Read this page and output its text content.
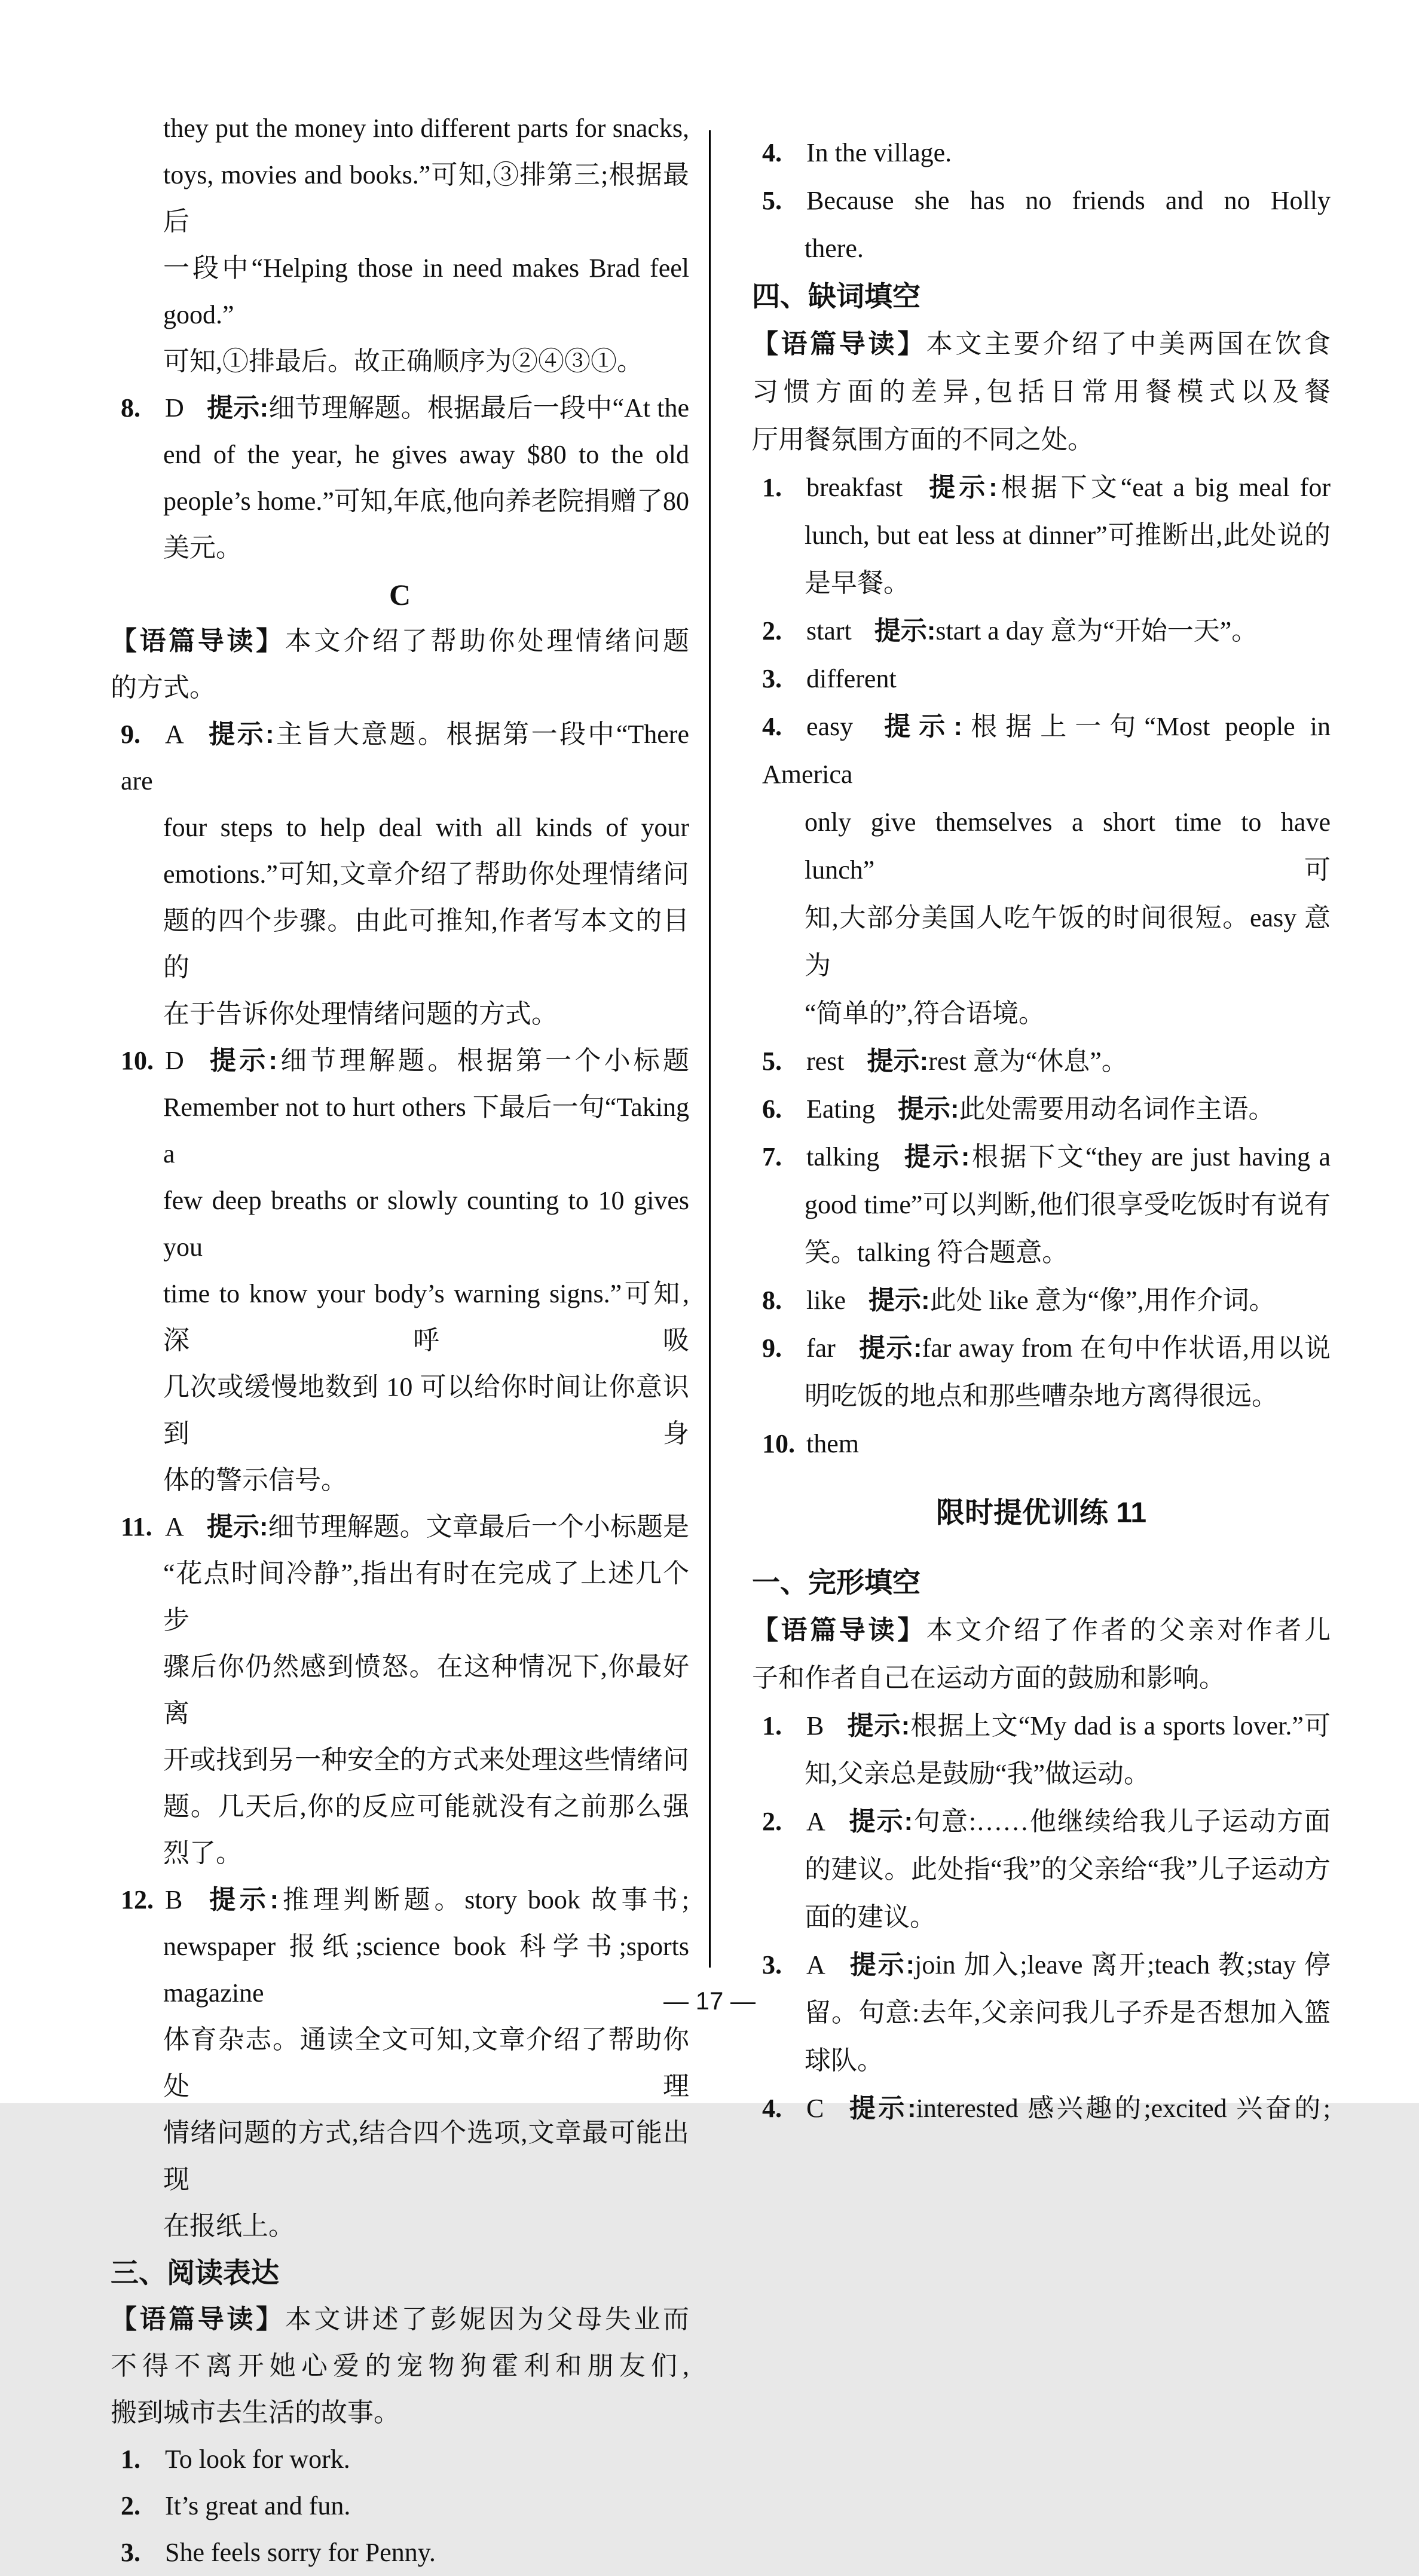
they put the money into different parts for snacks,
toys, movies and books.”可知,③排第三;根据最后
一段中“Helping those in need makes Brad feel good.”
可知,①排最后。故正确顺序为②④③①。
8. D 提示:细节理解题。根据最后一段中“At the
end of the year, he gives away $80 to the old
people’s home.”可知,年底,他向养老院捐赠了80
美元。
C
【语篇导读】本文介绍了帮助你处理情绪问题
的方式。
9. A 提示:主旨大意题。根据第一段中“There are
four steps to help deal with all kinds of your
emotions.”可知,文章介绍了帮助你处理情绪问
题的四个步骤。由此可推知,作者写本文的目的
在于告诉你处理情绪问题的方式。
10. D 提示:细节理解题。根据第一个小标题
Remember not to hurt others 下最后一句“Taking a
few deep breaths or slowly counting to 10 gives you
time to know your body’s warning signs.”可知,深呼吸
几次或缓慢地数到 10 可以给你时间让你意识到身
体的警示信号。
11. A 提示:细节理解题。文章最后一个小标题是
“花点时间冷静”,指出有时在完成了上述几个步
骤后你仍然感到愤怒。在这种情况下,你最好离
开或找到另一种安全的方式来处理这些情绪问
题。几天后,你的反应可能就没有之前那么强
烈了。
12. B 提示:推理判断题。story book 故事书;
newspaper 报纸;science book 科学书;sports magazine
体育杂志。通读全文可知,文章介绍了帮助你处理
情绪问题的方式,结合四个选项,文章最可能出现
在报纸上。
三、阅读表达
【语篇导读】本文讲述了彭妮因为父母失业而
不得不离开她心爱的宠物狗霍利和朋友们,
搬到城市去生活的故事。
1. To look for work.
2. It’s great and fun.
3. She feels sorry for Penny.
4. In the village.
5. Because she has no friends and no Holly
there.
四、缺词填空
【语篇导读】本文主要介绍了中美两国在饮食
习惯方面的差异,包括日常用餐模式以及餐
厅用餐氛围方面的不同之处。
1. breakfast 提示:根据下文“eat a big meal for
lunch, but eat less at dinner”可推断出,此处说的
是早餐。
2. start 提示:start a day 意为“开始一天”。
3. different
4. easy 提示:根据上一句“Most people in America
only give themselves a short time to have lunch”可
知,大部分美国人吃午饭的时间很短。easy 意为
“简单的”,符合语境。
5. rest 提示:rest 意为“休息”。
6. Eating 提示:此处需要用动名词作主语。
7. talking 提示:根据下文“they are just having a
good time”可以判断,他们很享受吃饭时有说有
笑。talking 符合题意。
8. like 提示:此处 like 意为“像”,用作介词。
9. far 提示:far away from 在句中作状语,用以说
明吃饭的地点和那些嘈杂地方离得很远。
10. them
限时提优训练 11
一、完形填空
【语篇导读】本文介绍了作者的父亲对作者儿
子和作者自己在运动方面的鼓励和影响。
1. B 提示:根据上文“My dad is a sports lover.”可
知,父亲总是鼓励“我”做运动。
2. A 提示:句意:……他继续给我儿子运动方面
的建议。此处指“我”的父亲给“我”儿子运动方
面的建议。
3. A 提示:join 加入;leave 离开;teach 教;stay 停
留。句意:去年,父亲问我儿子乔是否想加入篮
球队。
4. C 提示:interested 感兴趣的;excited 兴奋的;
— 17 —
